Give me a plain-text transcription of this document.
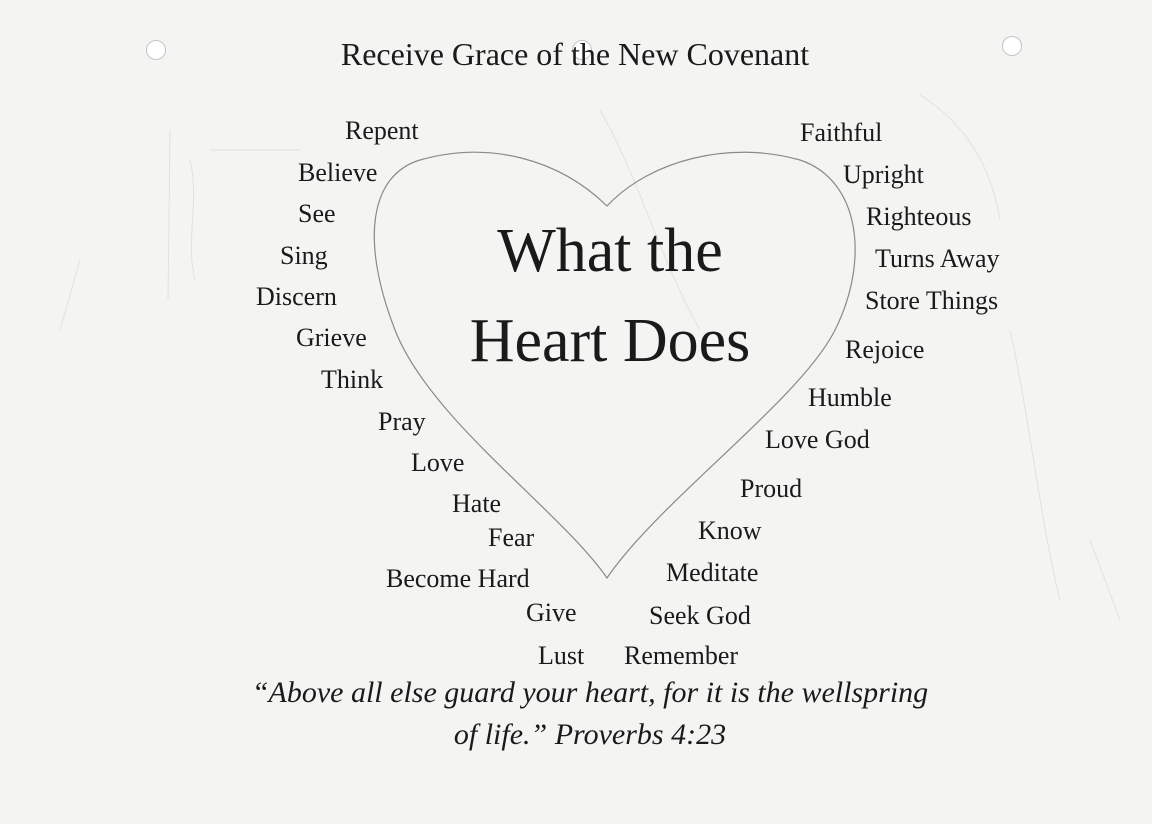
Receive Grace of the New Covenant
What the
Heart Does
Repent
Believe
See
Sing
Discern
Grieve
Think
Pray
Love
Hate
Fear
Become Hard
Give
Lust
Faithful
Upright
Righteous
Turns Away
Store Things
Rejoice
Humble
Love God
Proud
Know
Meditate
Seek God
Remember
“Above all else guard your heart, for it is the wellspring
of life.” Proverbs 4:23
